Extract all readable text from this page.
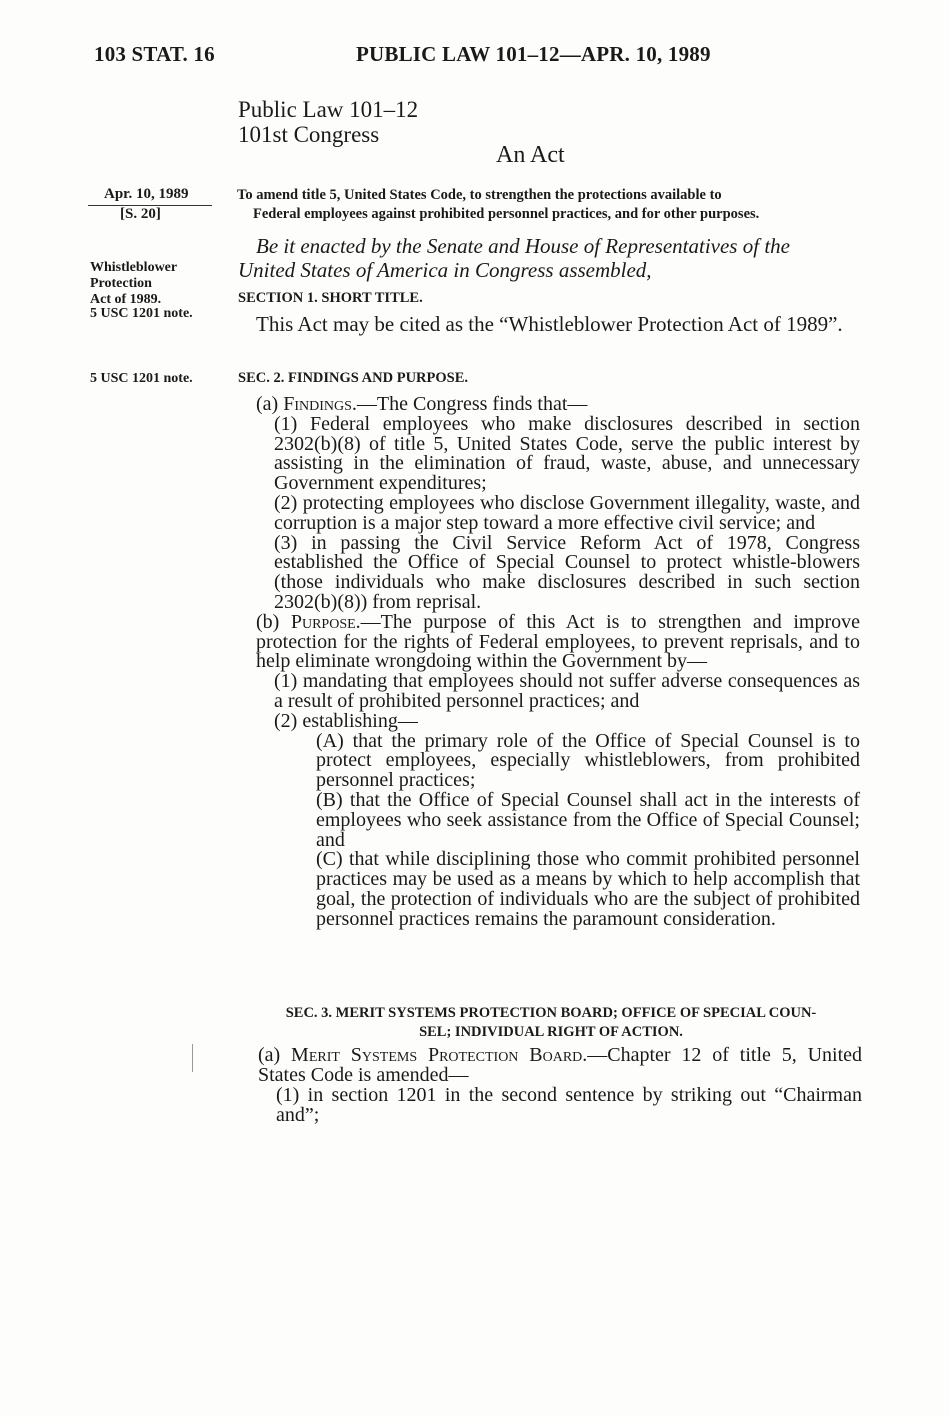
103 STAT. 16	PUBLIC LAW 101–12—APR. 10, 1989
Public Law 101–12
101st Congress
An Act
Apr. 10, 1989
[S. 20]
Whistleblower
Protection
Act of 1989.
5 USC 1201 note.
5 USC 1201 note.
To amend title 5, United States Code, to strengthen the protections available to
Federal employees against prohibited personnel practices, and for other purposes.
Be it enacted by the Senate and House of Representatives of the
United States of America in Congress assembled,
SECTION 1. SHORT TITLE.
This Act may be cited as the “Whistleblower Protection Act of 1989”.
SEC. 2. FINDINGS AND PURPOSE.

(a) Findings.—The Congress finds that—

(1) Federal employees who make disclosures described in section 2302(b)(8) of title 5, United States Code, serve the public interest by assisting in the elimination of fraud, waste, abuse, and unnecessary Government expenditures;

(2) protecting employees who disclose Government illegality, waste, and corruption is a major step toward a more effective civil service; and

(3) in passing the Civil Service Reform Act of 1978, Congress established the Office of Special Counsel to protect whistle-blowers (those individuals who make disclosures described in such section 2302(b)(8)) from reprisal.

(b) Purpose.—The purpose of this Act is to strengthen and improve protection for the rights of Federal employees, to prevent reprisals, and to help eliminate wrongdoing within the Government by—

(1) mandating that employees should not suffer adverse consequences as a result of prohibited personnel practices; and

(2) establishing—

(A) that the primary role of the Office of Special Counsel is to protect employees, especially whistleblowers, from prohibited personnel practices;

(B) that the Office of Special Counsel shall act in the interests of employees who seek assistance from the Office of Special Counsel; and

(C) that while disciplining those who commit prohibited personnel practices may be used as a means by which to help accomplish that goal, the protection of individuals who are the subject of prohibited personnel practices remains the paramount consideration.

SEC. 3. MERIT SYSTEMS PROTECTION BOARD; OFFICE OF SPECIAL COUN-
SEL; INDIVIDUAL RIGHT OF ACTION.

(a) Merit Systems Protection Board.—Chapter 12 of title 5, United States Code is amended—

(1) in section 1201 in the second sentence by striking out “Chairman and”;
